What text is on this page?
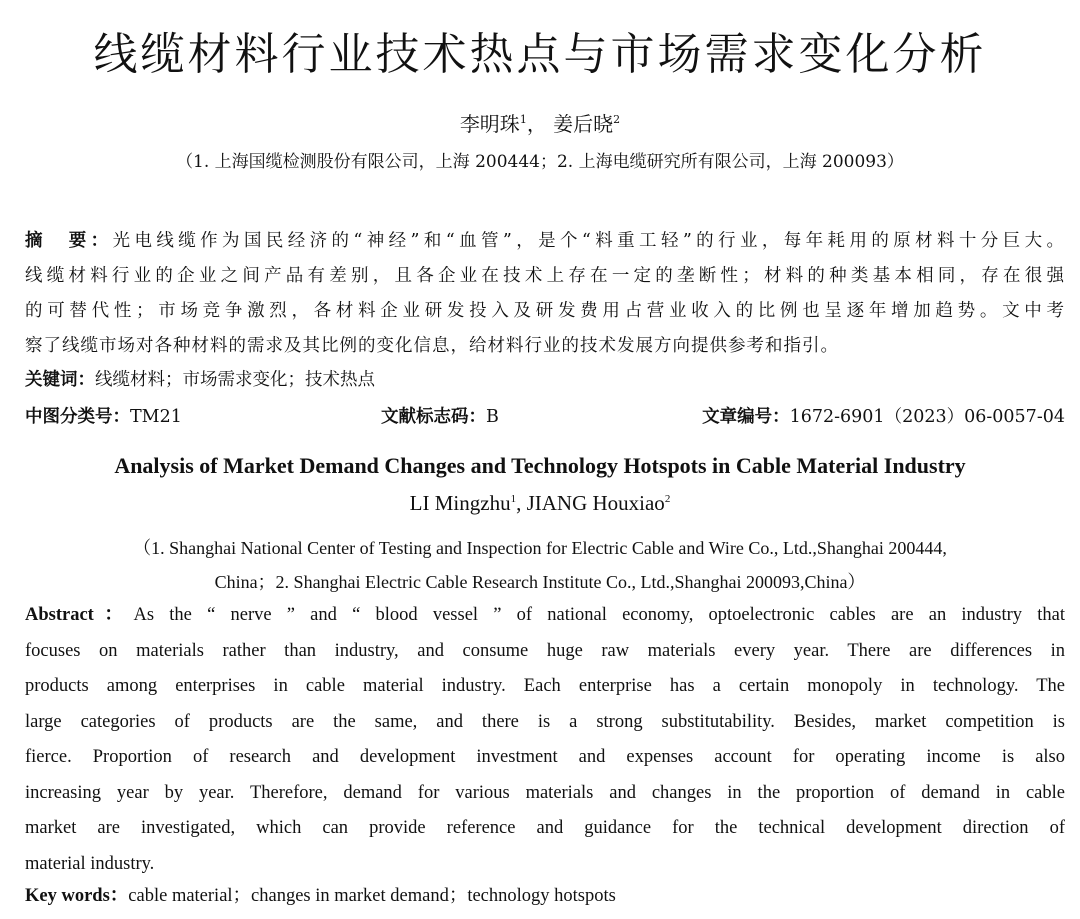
线缆材料行业技术热点与市场需求变化分析
李明珠$^1$， 姜后晓$^2$
（1. 上海国缆检测股份有限公司，上海 200444；2. 上海电缆研究所有限公司，上海 200093）
摘　要：光电线缆作为国民经济的“神经”和“血管”，是个“料重工轻”的行业，每年耗用的原材料十分巨大。
线缆材料行业的企业之间产品有差别，且各企业在技术上存在一定的垄断性；材料的种类基本相同，存在很强
的可替代性；市场竞争激烈，各材料企业研发投入及研发费用占营业收入的比例也呈逐年增加趋势。文中考
察了线缆市场对各种材料的需求及其比例的变化信息，给材料行业的技术发展方向提供参考和指引。
关键词：线缆材料；市场需求变化；技术热点
中图分类号：TM21	文献标志码：B	文章编号：1672-6901（2023）06-0057-04
Analysis of Market Demand Changes and Technology Hotspots in Cable Material Industry
LI Mingzhu$^1$, JIANG Houxiao$^2$
（1. Shanghai National Center of Testing and Inspection for Electric Cable and Wire Co., Ltd.,Shanghai 200444,
China；2. Shanghai Electric Cable Research Institute Co., Ltd.,Shanghai 200093,China）
Abstract：As the “ nerve ” and “ blood vessel ” of national economy, optoelectronic cables are an industry that
focuses on materials rather than industry, and consume huge raw materials every year. There are differences in
products among enterprises in cable material industry. Each enterprise has a certain monopoly in technology. The
large categories of products are the same, and there is a strong substitutability. Besides, market competition is
fierce. Proportion of research and development investment and expenses account for operating income is also
increasing year by year. Therefore, demand for various materials and changes in the proportion of demand in cable
market are investigated, which can provide reference and guidance for the technical development direction of
material industry.
Key words：cable material；changes in market demand；technology hotspots
